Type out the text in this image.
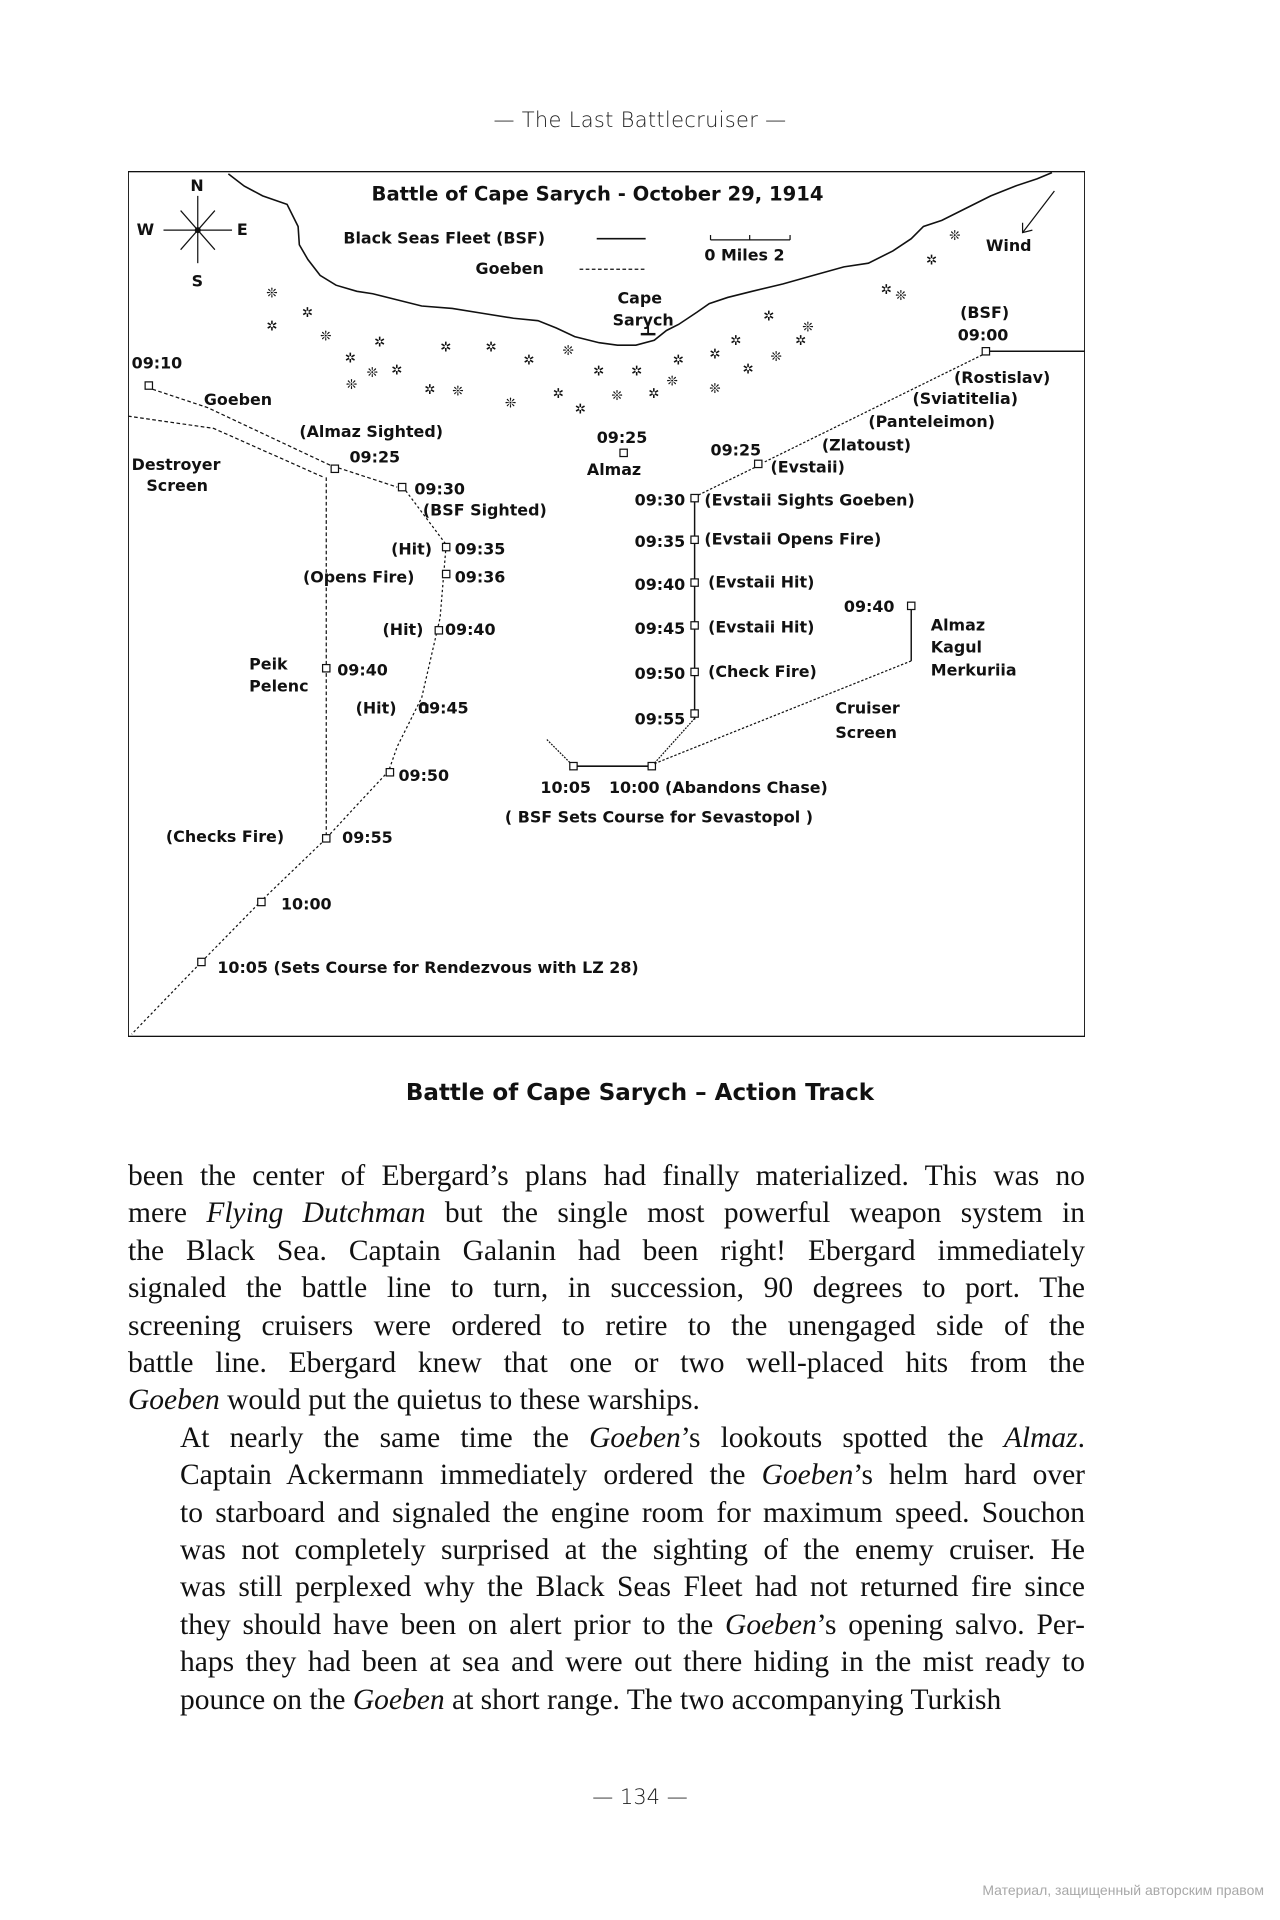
— The Last Battlecruiser —
N
W	E
S
Battle of Cape Sarych - October 29, 1914
Black Seas Fleet (BSF)
Goeben
0 Miles 2
Wind
Cape
Sarych
❊
✲
✲
❊
✲
❊
✲
❊ ✲
✲
✲
❊
✲
❊
✲
✲
❊
✲
✲
❊
✲
✲
❊
✲ ✲
❊
✲
✲
✲
❊
✲
❊
✲ ❊
✲
❊
(BSF)
09:00
(Rostislav)
(Sviatitelia)
(Panteleimon)
(Zlatoust)
(Evstaii)
09:25
09:25
Almaz
09:30 (Evstaii Sights Goeben)
09:35 (Evstaii Opens Fire)
09:40 (Evstaii Hit)
09:45 (Evstaii Hit)
09:50 (Check Fire)
09:55
10:05 10:00 (Abandons Chase)
( BSF Sets Course for Sevastopol )
09:40
Almaz
Kagul
Merkuriia
Cruiser
Screen
09:10
Goeben
(Almaz Sighted)
09:25
Destroyer
Screen	09:30
(BSF Sighted)
(Hit) 09:35
(Opens Fire)	09:36
(Hit) 09:40
Peik
Pelenc
09:40
(Hit) 09:45
09:50
(Checks Fire)	09:55
10:00
10:05 (Sets Course for Rendezvous with LZ 28)
Battle of Cape Sarych – Action Track

been the center of Ebergard’s plans had finally materialized. This was no
mere Flying Dutchman but the single most powerful weapon system in
the Black Sea. Captain Galanin had been right! Ebergard immediately
signaled the battle line to turn, in succession, 90 degrees to port. The
screening cruisers were ordered to retire to the unengaged side of the
battle line. Ebergard knew that one or two well-placed hits from the
Goeben would put the quietus to these warships.

At nearly the same time the Goeben’s lookouts spotted the Almaz.
Captain Ackermann immediately ordered the Goeben’s helm hard over
to starboard and signaled the engine room for maximum speed. Souchon
was not completely surprised at the sighting of the enemy cruiser. He
was still perplexed why the Black Seas Fleet had not returned fire since
they should have been on alert prior to the Goeben’s opening salvo. Per-
haps they had been at sea and were out there hiding in the mist ready to
pounce on the Goeben at short range. The two accompanying Turkish

— 134 —
Материал, защищенный авторским правом
